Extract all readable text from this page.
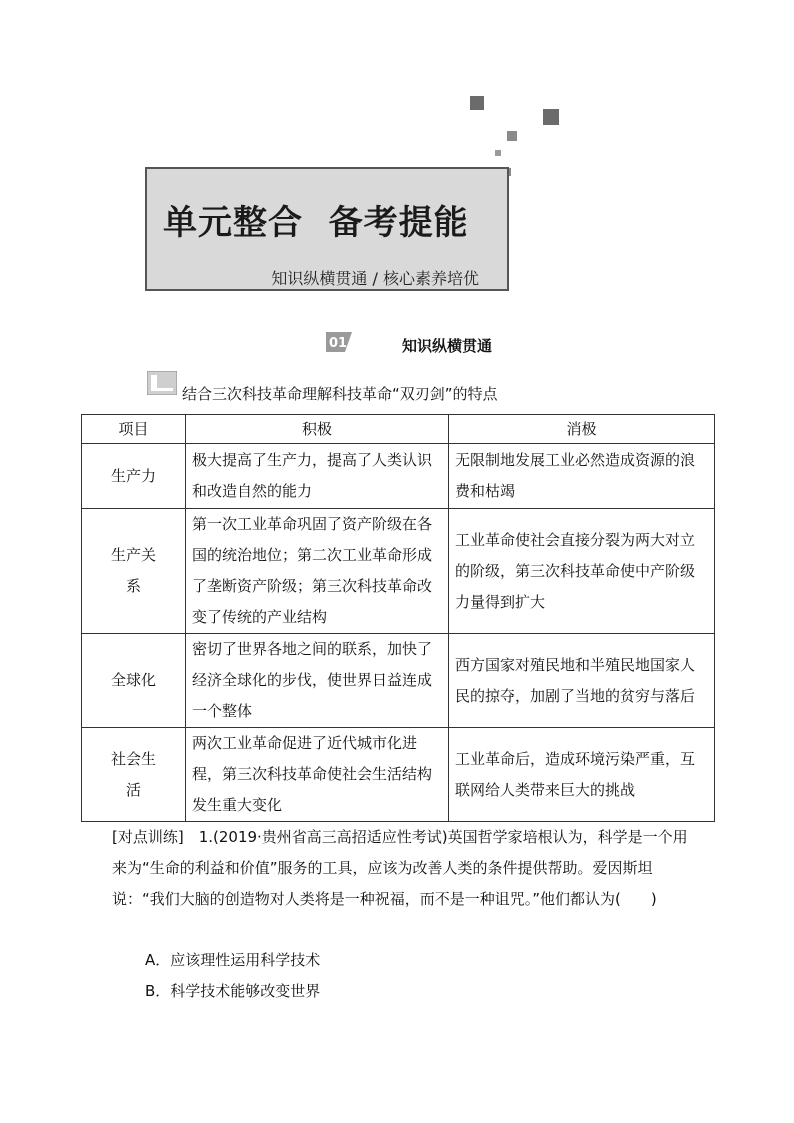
单元整合  备考提能
知识纵横贯通 / 核心素养培优
01	知识纵横贯通
结合三次科技革命理解科技革命“双刃剑”的特点
项目	积极	消极
生产力	极大提高了生产力，提高了人类认识和改造自然的能力	无限制地发展工业必然造成资源的浪费和枯竭
生产关系	第一次工业革命巩固了资产阶级在各国的统治地位；第二次工业革命形成了垄断资产阶级；第三次科技革命改变了传统的产业结构	工业革命使社会直接分裂为两大对立的阶级，第三次科技革命使中产阶级力量得到扩大
全球化	密切了世界各地之间的联系，加快了经济全球化的步伐，使世界日益连成一个整体	西方国家对殖民地和半殖民地国家人民的掠夺，加剧了当地的贫穷与落后
社会生活	两次工业革命促进了近代城市化进程，第三次科技革命使社会生活结构发生重大变化	工业革命后，造成环境污染严重，互联网给人类带来巨大的挑战

[对点训练]　1.(2019·贵州省高三高招适应性考试)英国哲学家培根认为，科学是一个用来为“生命的利益和价值”服务的工具，应该为改善人类的条件提供帮助。爱因斯坦说：“我们大脑的创造物对人类将是一种祝福，而不是一种诅咒。”他们都认为(　　)

A．应该理性运用科学技术
B．科学技术能够改变世界
